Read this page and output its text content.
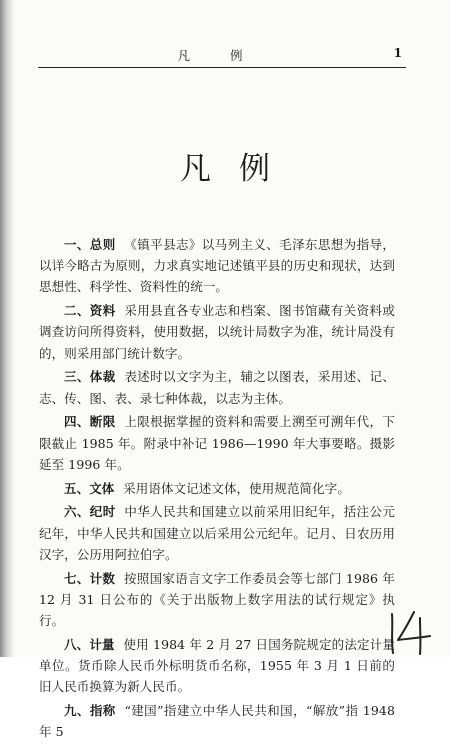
凡 例	1
凡例

一、总则 《镇平县志》以马列主义、毛泽东思想为指导，以详今略古为原则，力求真实地记述镇平县的历史和现状，达到思想性、科学性、资料性的统一。

二、资料 采用县直各专业志和档案、图书馆藏有关资料或调查访问所得资料，使用数据，以统计局数字为准，统计局没有的，则采用部门统计数字。

三、体裁 表述时以文字为主，辅之以图表，采用述、记、志、传、图、表、录七种体裁，以志为主体。

四、断限 上限根据掌握的资料和需要上溯至可溯年代，下限截止 1985 年。附录中补记 1986—1990 年大事要略。摄影延至 1996 年。

五、文体 采用语体文记述文体，使用规范简化字。

六、纪时 中华人民共和国建立以前采用旧纪年，括注公元纪年，中华人民共和国建立以后采用公元纪年。记月、日农历用汉字，公历用阿拉伯字。

七、计数 按照国家语言文字工作委员会等七部门 1986 年 12 月 31 日公布的《关于出版物上数字用法的试行规定》执行。

八、计量 使用 1984 年 2 月 27 日国务院规定的法定计量单位。货币除人民币外标明货币名称，1955 年 3 月 1 日前的旧人民币换算为新人民币。

九、指称 “建国”指建立中华人民共和国，“解放”指 1948 年 5
